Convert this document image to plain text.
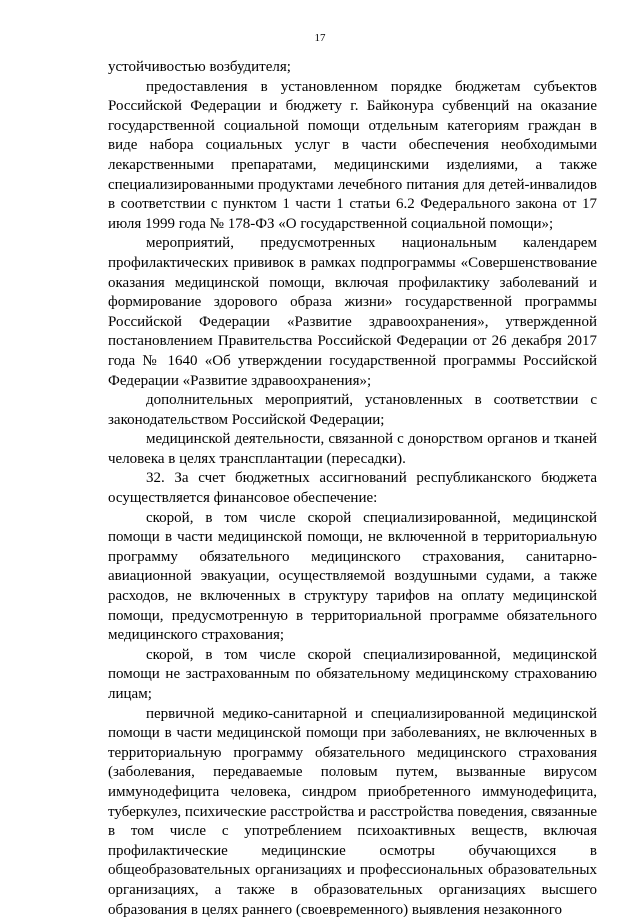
17

устойчивостью возбудителя;

предоставления в установленном порядке бюджетам субъектов Российской Федерации и бюджету г. Байконура субвенций на оказание государственной социальной помощи отдельным категориям граждан в виде набора социальных услуг в части обеспечения необходимыми лекарственными препаратами, медицинскими изделиями, а также специализированными продуктами лечебного питания для детей-инвалидов в соответствии с пунктом 1 части 1 статьи 6.2 Федерального закона от 17 июля 1999 года № 178-ФЗ «О государственной социальной помощи»;

мероприятий, предусмотренных национальным календарем профилактических прививок в рамках подпрограммы «Совершенствование оказания медицинской помощи, включая профилактику заболеваний и формирование здорового образа жизни» государственной программы Российской Федерации «Развитие здравоохранения», утвержденной постановлением Правительства Российской Федерации от 26 декабря 2017 года № 1640 «Об утверждении государственной программы Российской Федерации «Развитие здравоохранения»;

дополнительных мероприятий, установленных в соответствии с законодательством Российской Федерации;

медицинской деятельности, связанной с донорством органов и тканей человека в целях трансплантации (пересадки).

32. За счет бюджетных ассигнований республиканского бюджета осуществляется финансовое обеспечение:

скорой, в том числе скорой специализированной, медицинской помощи в части медицинской помощи, не включенной в территориальную программу обязательного медицинского страхования, санитарно-авиационной эвакуации, осуществляемой воздушными судами, а также расходов, не включенных в структуру тарифов на оплату медицинской помощи, предусмотренную в территориальной программе обязательного медицинского страхования;

скорой, в том числе скорой специализированной, медицинской помощи не застрахованным по обязательному медицинскому страхованию лицам;

первичной медико-санитарной и специализированной медицинской помощи в части медицинской помощи при заболеваниях, не включенных в территориальную программу обязательного медицинского страхования (заболевания, передаваемые половым путем, вызванные вирусом иммунодефицита человека, синдром приобретенного иммунодефицита, туберкулез, психические расстройства и расстройства поведения, связанные в том числе с употреблением психоактивных веществ, включая профилактические медицинские осмотры обучающихся в общеобразовательных организациях и профессиональных образовательных организациях, а также в образовательных организациях высшего образования в целях раннего (своевременного) выявления незаконного
